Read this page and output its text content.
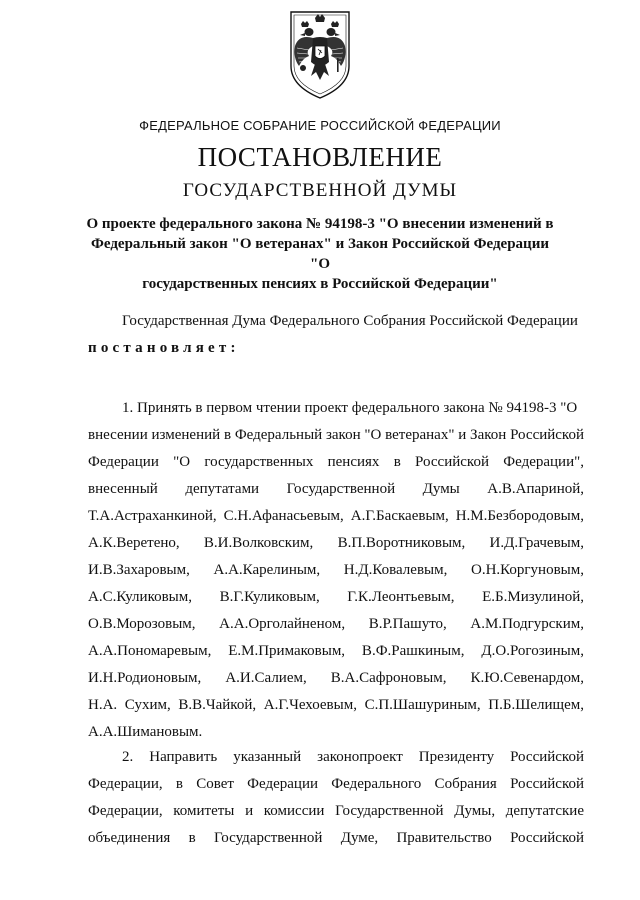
ФЕДЕРАЛЬНОЕ СОБРАНИЕ РОССИЙСКОЙ ФЕДЕРАЦИИ
ПОСТАНОВЛЕНИЕ
ГОСУДАРСТВЕННОЙ ДУМЫ
О проекте федерального закона № 94198-3 "О внесении изменений в
Федеральный закон "О ветеранах" и Закон Российской Федерации "О
государственных пенсиях в Российской Федерации"
Государственная Дума Федерального Собрания Российской Федерации
постановляет:
1. Принять в первом чтении проект федерального закона № 94198-3 "О
внесении изменений в Федеральный закон "О ветеранах" и Закон Российской
Федерации "О государственных пенсиях в Российской Федерации",
внесенный депутатами Государственной Думы А.В.Апариной,
Т.А.Астраханкиной, С.Н.Афанасьевым, А.Г.Баскаевым, Н.М.Безбородовым,
А.К.Веретено, В.И.Волковским, В.П.Воротниковым, И.Д.Грачевым,
И.В.Захаровым, А.А.Карелиным, Н.Д.Ковалевым, О.Н.Коргуновым,
А.С.Куликовым, В.Г.Куликовым, Г.К.Леонтьевым, Е.Б.Мизулиной,
О.В.Морозовым, А.А.Орголайненом, В.Р.Пашуто, А.М.Подгурским,
А.А.Пономаревым, Е.М.Примаковым, В.Ф.Рашкиным, Д.О.Рогозиным,
И.Н.Родионовым, А.И.Салием, В.А.Сафроновым, К.Ю.Севенардом,
Н.А. Сухим, В.В.Чайкой, А.Г.Чехоевым, С.П.Шашуриным, П.Б.Шелищем,
А.А.Шимановым.
2. Направить указанный законопроект Президенту Российской
Федерации, в Совет Федерации Федерального Собрания Российской
Федерации, комитеты и комиссии Государственной Думы, депутатские
объединения в Государственной Думе, Правительство Российской
